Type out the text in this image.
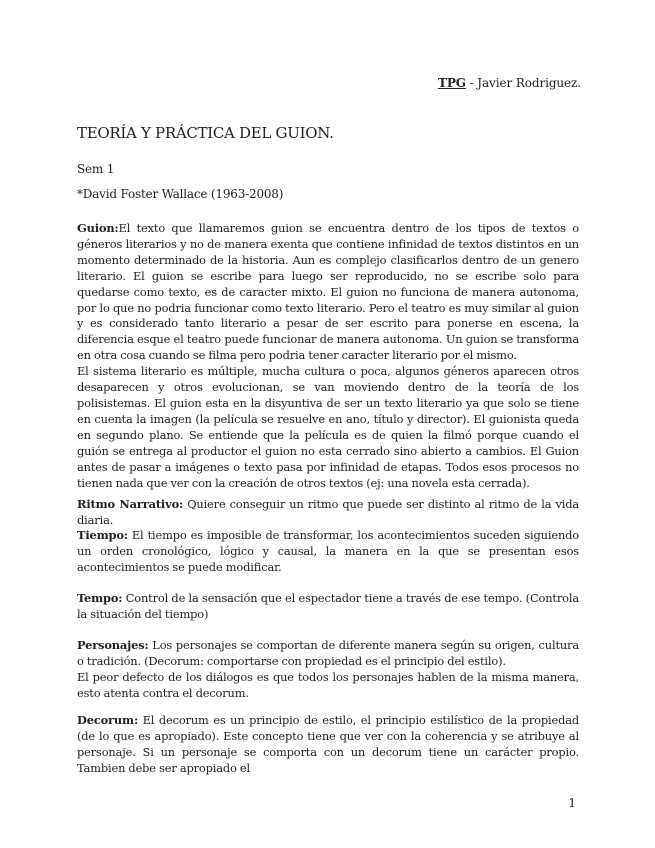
TPG - Javier Rodriguez.
TEORÍA Y PRÁCTICA DEL GUION.
Sem 1
*David Foster Wallace (1963-2008)

Guion:El texto que llamaremos guion se encuentra dentro de los tipos de textos o géneros literarios y no de manera exenta que contiene infinidad de textos distintos en un momento determinado de la historia. Aun es complejo clasificarlos dentro de un genero literario. El guion se escribe para luego ser reproducido, no se escribe solo para quedarse como texto, es de caracter mixto. El guion no funciona de manera autonoma, por lo que no podria funcionar como texto literario. Pero el teatro es muy similar al guion y es considerado tanto literario a pesar de ser escrito para ponerse en escena, la diferencia esque el teatro puede funcionar de manera autonoma. Un guion se transforma en otra cosa cuando se filma pero podria tener caracter literario por el mismo.

El sistema literario es múltiple, mucha cultura o poca, algunos géneros aparecen otros desaparecen y otros evolucionan, se van moviendo dentro de la teoría de los polisistemas. El guion esta en la disyuntiva de ser un texto literario ya que solo se tiene en cuenta la imagen (la película se resuelve en ano, título y director). El guionista queda en segundo plano. Se entiende que la película es de quien la filmó porque cuando el guión se entrega al productor el guion no esta cerrado sino abierto a cambios. El Guion antes de pasar a imágenes o texto pasa por infinidad de etapas. Todos esos procesos no tienen nada que ver con la creación de otros textos (ej: una novela esta cerrada).

Ritmo Narrativo: Quiere conseguir un ritmo que puede ser distinto al ritmo de la vida diaria.

Tiempo: El tiempo es imposible de transformar, los acontecimientos suceden siguiendo un orden cronológico, lógico y causal, la manera en la que se presentan esos acontecimientos se puede modificar.

Tempo: Control de la sensación que el espectador tiene a través de ese tempo. (Controla la situación del tiempo)

Personajes: Los personajes se comportan de diferente manera según su origen, cultura o tradición. (Decorum: comportarse con propiedad es el principio del estilo).

El peor defecto de los diálogos es que todos los personajes hablen de la misma manera, esto atenta contra el decorum.

Decorum: El decorum es un principio de estilo, el principio estilístico de la propiedad (de lo que es apropiado). Este concepto tiene que ver con la coherencia y se atribuye al personaje. Si un personaje se comporta con un decorum tiene un carácter propio. Tambien debe ser apropiado el

1
